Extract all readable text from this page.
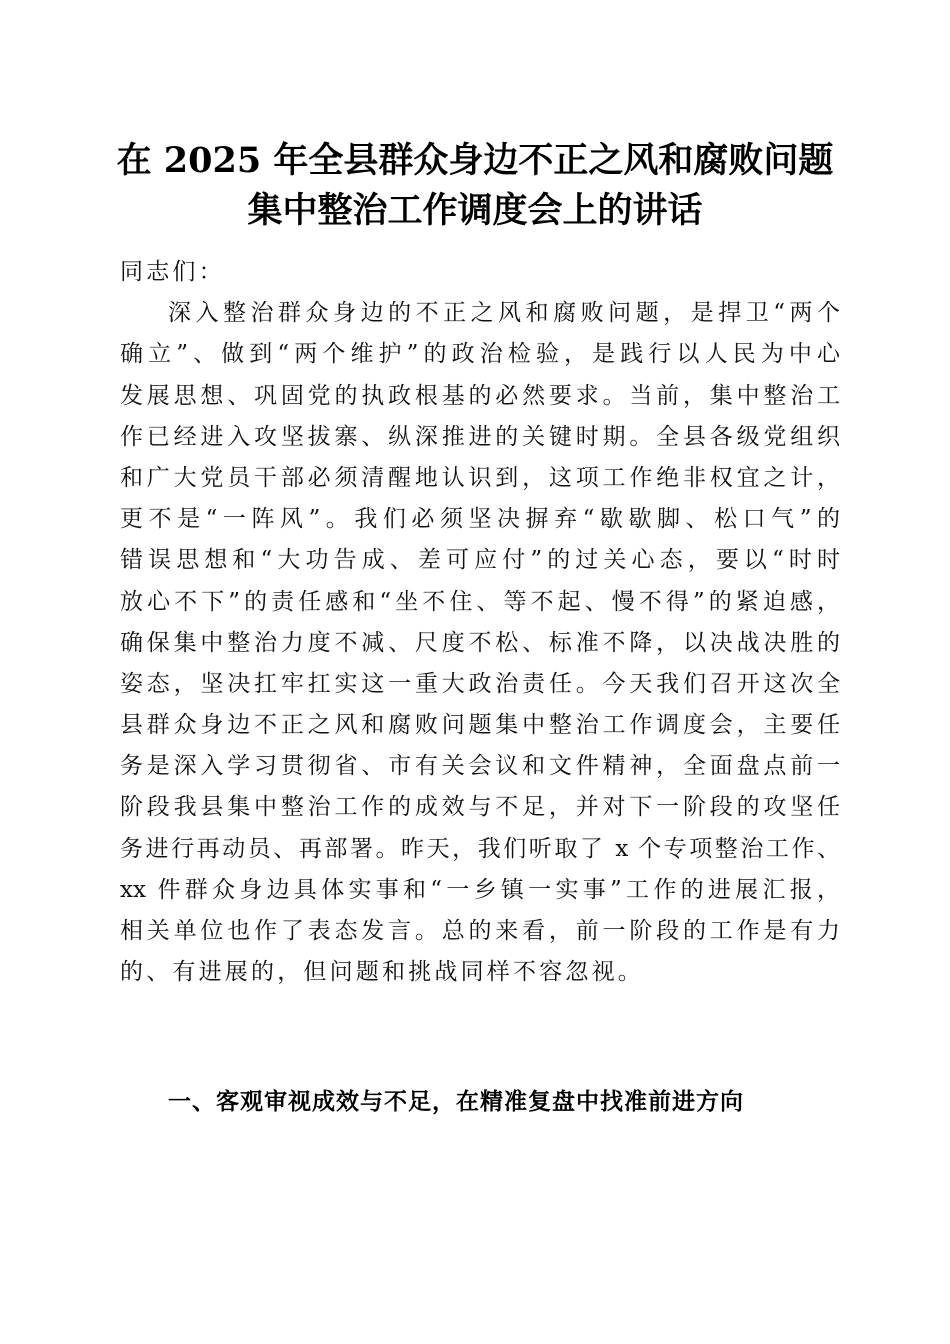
在 2025 年全县群众身边不正之风和腐败问题
集中整治工作调度会上的讲话
同志们：
深入整治群众身边的不正之风和腐败问题，是捍卫“两个
确立”、做到“两个维护”的政治检验，是践行以人民为中心
发展思想、巩固党的执政根基的必然要求。当前，集中整治工
作已经进入攻坚拔寨、纵深推进的关键时期。全县各级党组织
和广大党员干部必须清醒地认识到，这项工作绝非权宜之计，
更不是“一阵风”。我们必须坚决摒弃“歇歇脚、松口气”的
错误思想和“大功告成、差可应付”的过关心态，要以“时时
放心不下”的责任感和“坐不住、等不起、慢不得”的紧迫感，
确保集中整治力度不减、尺度不松、标准不降，以决战决胜的
姿态，坚决扛牢扛实这一重大政治责任。今天我们召开这次全
县群众身边不正之风和腐败问题集中整治工作调度会，主要任
务是深入学习贯彻省、市有关会议和文件精神，全面盘点前一
阶段我县集中整治工作的成效与不足，并对下一阶段的攻坚任
务进行再动员、再部署。昨天，我们听取了 x 个专项整治工作、
xx 件群众身边具体实事和“一乡镇一实事”工作的进展汇报，
相关单位也作了表态发言。总的来看，前一阶段的工作是有力
的、有进展的，但问题和挑战同样不容忽视。
一、客观审视成效与不足，在精准复盘中找准前进方向
